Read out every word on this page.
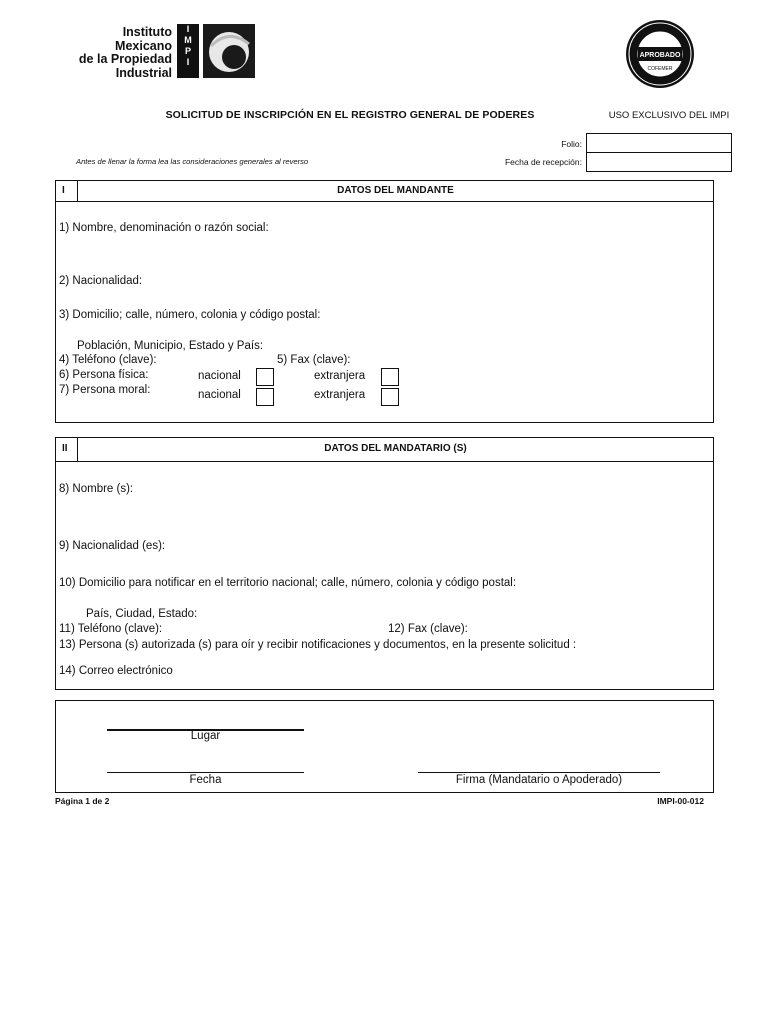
Instituto
Mexicano
de la Propiedad
Industrial
I
M
P
I
APROBADO
COFEMER
SOLICITUD DE INSCRIPCIÓN EN EL REGISTRO GENERAL DE PODERES	USO EXCLUSIVO DEL IMPI
Folio:
Fecha de recepción:
Antes de llenar la forma lea las consideraciones generales al reverso
I	DATOS DEL MANDANTE
1) Nombre, denominación o razón social:
2) Nacionalidad:
3) Domicilio; calle, número, colonia y código postal:
Población, Municipio, Estado y País:
4) Teléfono (clave):	5) Fax (clave):
6) Persona física:	nacional	extranjera
7) Persona moral:	nacional	extranjera
II	DATOS DEL MANDATARIO (S)
8) Nombre (s):
9) Nacionalidad (es):
10) Domicilio para notificar en el territorio nacional; calle, número, colonia y código postal:
País, Ciudad, Estado:
11) Teléfono (clave):	12) Fax (clave):
13) Persona (s) autorizada (s) para oír y recibir notificaciones y documentos, en la presente solicitud :
14) Correo electrónico
Lugar
Fecha	Firma (Mandatario o Apoderado)
Página 1 de 2	IMPI-00-012
